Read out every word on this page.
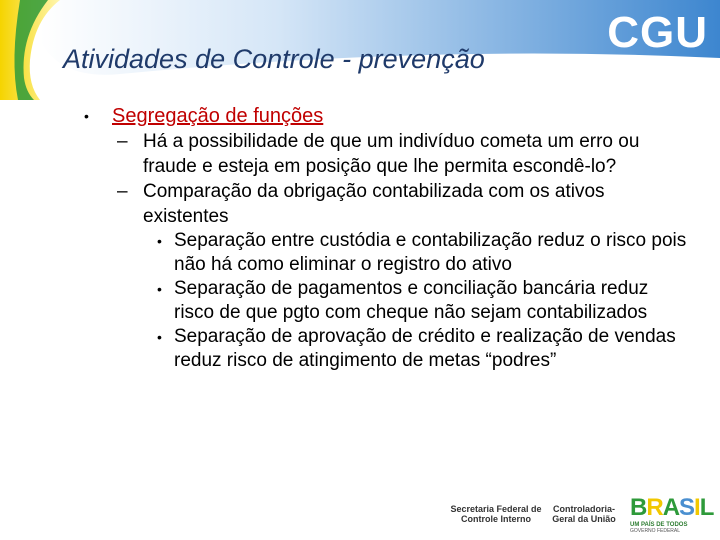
CGU
Atividades de Controle - prevenção
• Segregação de funções
– Há a possibilidade de que um indivíduo cometa um erro ou fraude e esteja em posição que lhe permita escondê-lo?
– Comparação da obrigação contabilizada com os ativos existentes
• Separação entre custódia e contabilização reduz o risco pois não há como eliminar o registro do ativo
• Separação de pagamentos e conciliação bancária reduz risco de que pgto com cheque não sejam contabilizados
• Separação de aprovação de crédito e realização de vendas reduz risco de atingimento de metas “podres”
Secretaria Federal de Controle Interno
Controladoria-Geral da União BRASIL
UM PAÍS DE TODOS
GOVERNO FEDERAL
